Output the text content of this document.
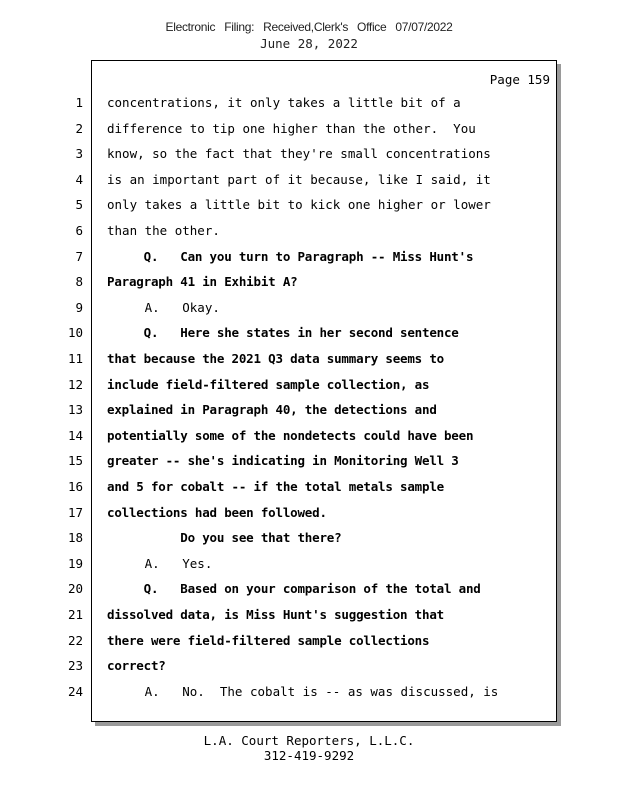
Electronic Filing: Received,Clerk's Office 07/07/2022
June 28, 2022
Page 159
1 concentrations, it only takes a little bit of a
2 difference to tip one higher than the other.  You
3 know, so the fact that they're small concentrations
4 is an important part of it because, like I said, it
5 only takes a little bit to kick one higher or lower
6 than the other.
7 Q.   Can you turn to Paragraph -- Miss Hunt's
8 Paragraph 41 in Exhibit A?
9 A.   Okay.
10 Q.   Here she states in her second sentence
11 that because the 2021 Q3 data summary seems to
12 include field-filtered sample collection, as
13 explained in Paragraph 40, the detections and
14 potentially some of the nondetects could have been
15 greater -- she's indicating in Monitoring Well 3
16 and 5 for cobalt -- if the total metals sample
17 collections had been followed.
18 Do you see that there?
19 A.   Yes.
20 Q.   Based on your comparison of the total and
21 dissolved data, is Miss Hunt's suggestion that
22 there were field-filtered sample collections
23 correct?
24 A.   No.  The cobalt is -- as was discussed, is
L.A. Court Reporters, L.L.C.
312-419-9292
